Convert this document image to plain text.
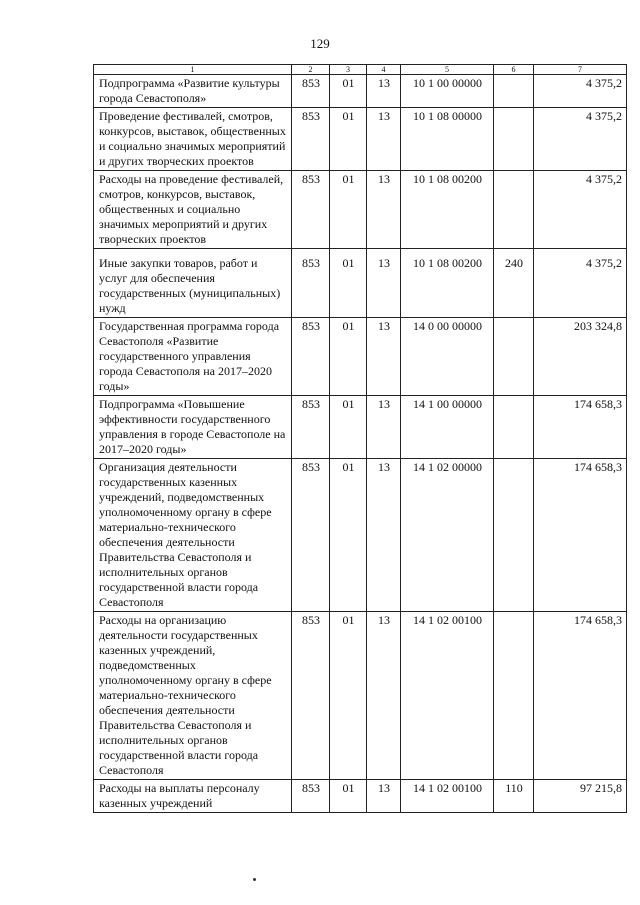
129
1	2	3	4	5	6	7
Подпрограмма «Развитие культуры города Севастополя»	853	01	13	10 1 00 00000		4 375,2
Проведение фестивалей, смотров, конкурсов, выставок, общественных и социально значимых мероприятий и других творческих проектов	853	01	13	10 1 08 00000		4 375,2
Расходы на проведение фестивалей, смотров, конкурсов, выставок, общественных и социально значимых мероприятий и других творческих проектов	853	01	13	10 1 08 00200		4 375,2
Иные закупки товаров, работ и услуг для обеспечения государственных (муниципальных) нужд	853	01	13	10 1 08 00200	240	4 375,2
Государственная программа города Севастополя «Развитие государственного управления города Севастополя на 2017–2020 годы»	853	01	13	14 0 00 00000		203 324,8
Подпрограмма «Повышение эффективности государственного управления в городе Севастополе на 2017–2020 годы»	853	01	13	14 1 00 00000		174 658,3
Организация деятельности государственных казенных учреждений, подведомственных уполномоченному органу в сфере материально-технического обеспечения деятельности Правительства Севастополя и исполнительных органов государственной власти города Севастополя	853	01	13	14 1 02 00000		174 658,3
Расходы на организацию деятельности государственных казенных учреждений, подведомственных уполномоченному органу в сфере материально-технического обеспечения деятельности Правительства Севастополя и исполнительных органов государственной власти города Севастополя	853	01	13	14 1 02 00100		174 658,3
Расходы на выплаты персоналу казенных учреждений	853	01	13	14 1 02 00100	110	97 215,8
